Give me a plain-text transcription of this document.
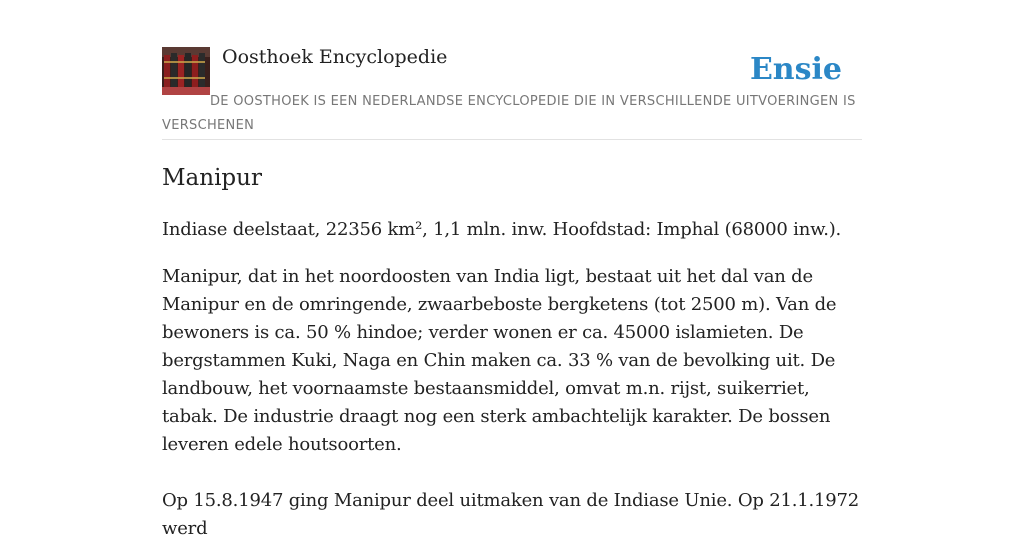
Oosthoek Encyclopedie	Ensie
DE OOSTHOEK IS EEN NEDERLANDSE ENCYCLOPEDIE DIE IN VERSCHILLENDE UITVOERINGEN IS VERSCHENEN
Manipur

Indiase deelstaat, 22356 km², 1,1 mln. inw. Hoofdstad: Imphal (68000 inw.).

Manipur, dat in het noordoosten van India ligt, bestaat uit het dal van de Manipur en de omringende, zwaarbeboste bergketens (tot 2500 m). Van de bewoners is ca. 50 % hindoe; verder wonen er ca. 45000 islamieten. De bergstammen Kuki, Naga en Chin maken ca. 33 % van de bevolking uit. De landbouw, het voornaamste bestaansmiddel, omvat m.n. rijst, suikerriet, tabak. De industrie draagt nog een sterk ambachtelijk karakter. De bossen leveren edele houtsoorten.

Op 15.8.1947 ging Manipur deel uitmaken van de Indiase Unie. Op 21.1.1972 werd
